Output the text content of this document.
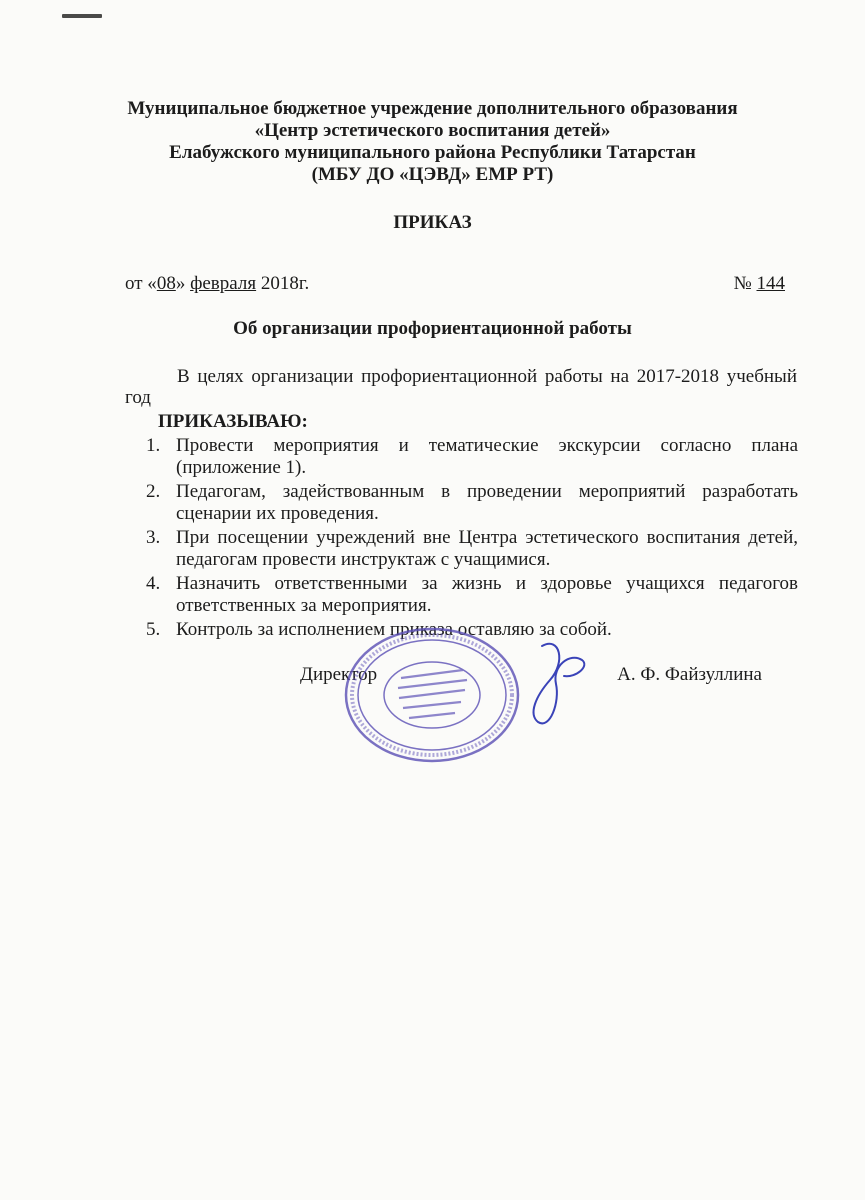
Муниципальное бюджетное учреждение дополнительного образования
«Центр эстетического воспитания детей»
Елабужского муниципального района Республики Татарстан
(МБУ ДО «ЦЭВД» ЕМР РТ)
ПРИКАЗ
от «08» февраля 2018г.	№ 144
Об организации профориентационной работы
В целях организации профориентационной работы на 2017-2018 учебный год
ПРИКАЗЫВАЮ:
1. Провести мероприятия и тематические экскурсии согласно плана (приложение 1).
2. Педагогам, задействованным в проведении мероприятий разработать сценарии их проведения.
3. При посещении учреждений вне Центра эстетического воспитания детей, педагогам провести инструктаж с учащимися.
4. Назначить ответственными за жизнь и здоровье учащихся педагогов ответственных за мероприятия.
5. Контроль за исполнением приказа оставляю за собой.
Директор	А. Ф. Файзуллина
